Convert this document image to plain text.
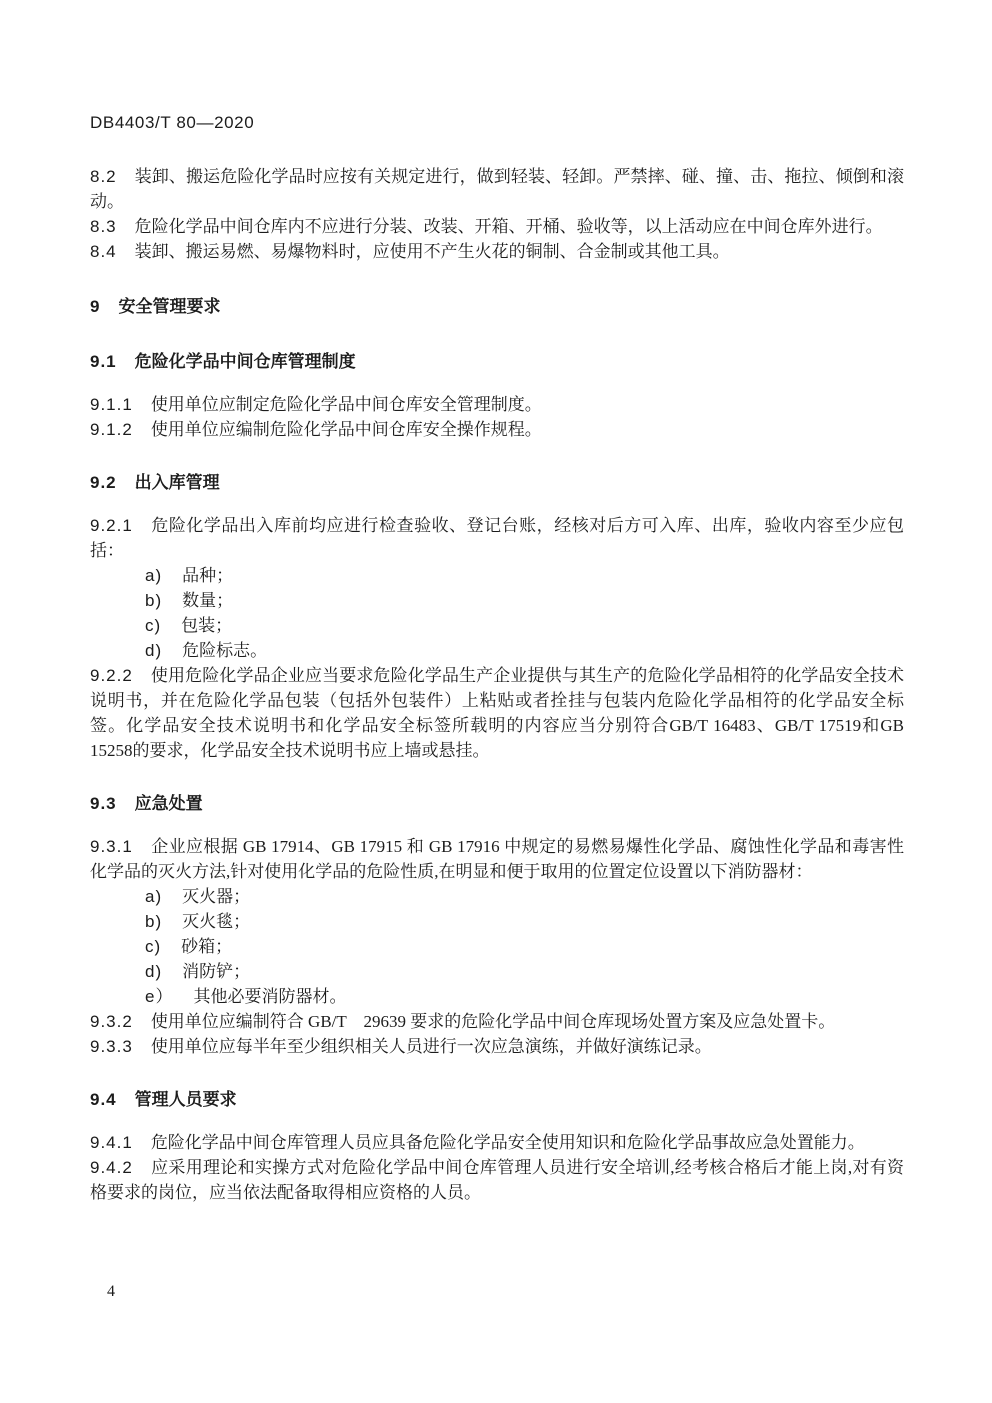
DB4403/T 80—2020

8.2 装卸、搬运危险化学品时应按有关规定进行，做到轻装、轻卸。严禁摔、碰、撞、击、拖拉、倾倒和滚动。

8.3 危险化学品中间仓库内不应进行分装、改装、开箱、开桶、验收等，以上活动应在中间仓库外进行。

8.4 装卸、搬运易燃、易爆物料时，应使用不产生火花的铜制、合金制或其他工具。

9 安全管理要求

9.1 危险化学品中间仓库管理制度

9.1.1 使用单位应制定危险化学品中间仓库安全管理制度。

9.1.2 使用单位应编制危险化学品中间仓库安全操作规程。

9.2 出入库管理

9.2.1 危险化学品出入库前均应进行检查验收、登记台账，经核对后方可入库、出库，验收内容至少应包括：

a) 品种；

b) 数量；

c) 包装；

d) 危险标志。

9.2.2 使用危险化学品企业应当要求危险化学品生产企业提供与其生产的危险化学品相符的化学品安全技术说明书，并在危险化学品包装（包括外包装件）上粘贴或者拴挂与包装内危险化学品相符的化学品安全标签。化学品安全技术说明书和化学品安全标签所载明的内容应当分别符合GB/T 16483、GB/T 17519和GB 15258的要求，化学品安全技术说明书应上墙或悬挂。

9.3 应急处置

9.3.1 企业应根据 GB 17914、GB 17915 和 GB 17916 中规定的易燃易爆性化学品、腐蚀性化学品和毒害性化学品的灭火方法,针对使用化学品的危险性质,在明显和便于取用的位置定位设置以下消防器材：

a) 灭火器；

b) 灭火毯；

c) 砂箱；

d) 消防铲；

e） 其他必要消防器材。

9.3.2 使用单位应编制符合 GB/T　29639 要求的危险化学品中间仓库现场处置方案及应急处置卡。

9.3.3 使用单位应每半年至少组织相关人员进行一次应急演练，并做好演练记录。

9.4 管理人员要求

9.4.1 危险化学品中间仓库管理人员应具备危险化学品安全使用知识和危险化学品事故应急处置能力。

9.4.2 应采用理论和实操方式对危险化学品中间仓库管理人员进行安全培训,经考核合格后才能上岗,对有资格要求的岗位，应当依法配备取得相应资格的人员。

4
